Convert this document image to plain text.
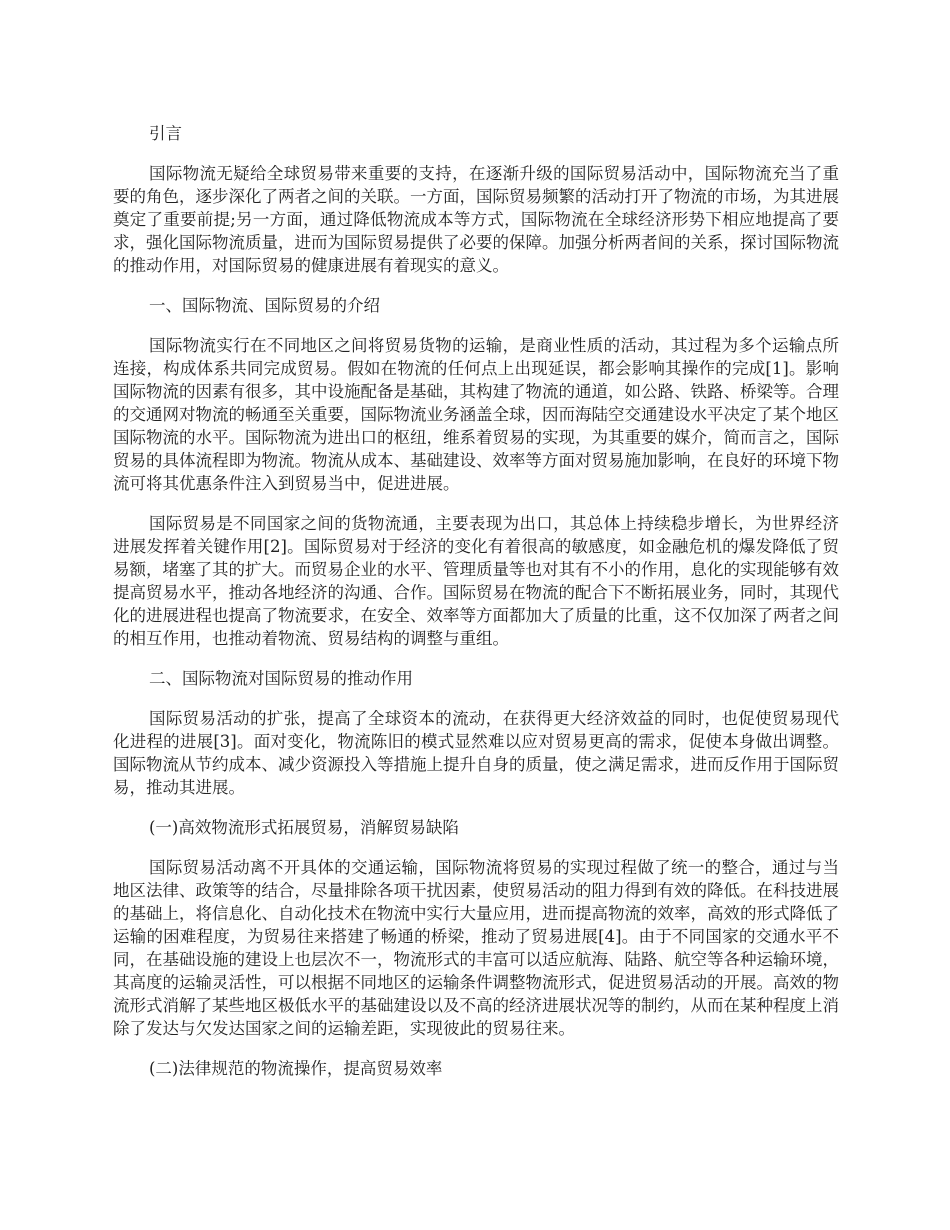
引言

国际物流无疑给全球贸易带来重要的支持，在逐渐升级的国际贸易活动中，国际物流充当了重要的角色，逐步深化了两者之间的关联。一方面，国际贸易频繁的活动打开了物流的市场，为其进展奠定了重要前提;另一方面，通过降低物流成本等方式，国际物流在全球经济形势下相应地提高了要求，强化国际物流质量，进而为国际贸易提供了必要的保障。加强分析两者间的关系，探讨国际物流的推动作用，对国际贸易的健康进展有着现实的意义。

一、国际物流、国际贸易的介绍

国际物流实行在不同地区之间将贸易货物的运输，是商业性质的活动，其过程为多个运输点所连接，构成体系共同完成贸易。假如在物流的任何点上出现延误，都会影响其操作的完成[1]。影响国际物流的因素有很多，其中设施配备是基础，其构建了物流的通道，如公路、铁路、桥梁等。合理的交通网对物流的畅通至关重要，国际物流业务涵盖全球，因而海陆空交通建设水平决定了某个地区国际物流的水平。国际物流为进出口的枢纽，维系着贸易的实现，为其重要的媒介，简而言之，国际贸易的具体流程即为物流。物流从成本、基础建设、效率等方面对贸易施加影响，在良好的环境下物流可将其优惠条件注入到贸易当中，促进进展。

国际贸易是不同国家之间的货物流通，主要表现为出口，其总体上持续稳步增长，为世界经济进展发挥着关键作用[2]。国际贸易对于经济的变化有着很高的敏感度，如金融危机的爆发降低了贸易额，堵塞了其的扩大。而贸易企业的水平、管理质量等也对其有不小的作用，息化的实现能够有效提高贸易水平，推动各地经济的沟通、合作。国际贸易在物流的配合下不断拓展业务，同时，其现代化的进展进程也提高了物流要求，在安全、效率等方面都加大了质量的比重，这不仅加深了两者之间的相互作用，也推动着物流、贸易结构的调整与重组。

二、国际物流对国际贸易的推动作用

国际贸易活动的扩张，提高了全球资本的流动，在获得更大经济效益的同时，也促使贸易现代化进程的进展[3]。面对变化，物流陈旧的模式显然难以应对贸易更高的需求，促使本身做出调整。国际物流从节约成本、减少资源投入等措施上提升自身的质量，使之满足需求，进而反作用于国际贸易，推动其进展。

(一)高效物流形式拓展贸易，消解贸易缺陷

国际贸易活动离不开具体的交通运输，国际物流将贸易的实现过程做了统一的整合，通过与当地区法律、政策等的结合，尽量排除各项干扰因素，使贸易活动的阻力得到有效的降低。在科技进展的基础上，将信息化、自动化技术在物流中实行大量应用，进而提高物流的效率，高效的形式降低了运输的困难程度，为贸易往来搭建了畅通的桥梁，推动了贸易进展[4]。由于不同国家的交通水平不同，在基础设施的建设上也层次不一，物流形式的丰富可以适应航海、陆路、航空等各种运输环境，其高度的运输灵活性，可以根据不同地区的运输条件调整物流形式，促进贸易活动的开展。高效的物流形式消解了某些地区极低水平的基础建设以及不高的经济进展状况等的制约，从而在某种程度上消除了发达与欠发达国家之间的运输差距，实现彼此的贸易往来。

(二)法律规范的物流操作，提高贸易效率
